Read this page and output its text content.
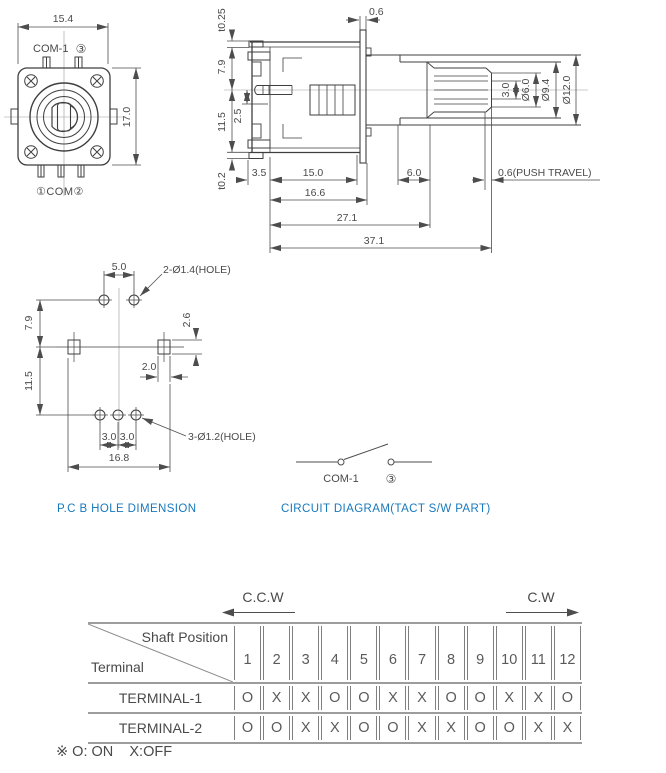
15.4
17.0
COM-1 ③
①COM②
t0.25	0.6
7.9
11.5 2.5
t0.2 3.5	15.0	6.0	0.6(PUSH TRAVEL)
16.6
27.1
37.1
3.0 Ø6.0 Ø9.4 Ø12.0
5.0	2-Ø1.4(HOLE)
7.9	2.6
11.5
2.0
3.0 3.0	3-Ø1.2(HOLE)
16.8
P.C B HOLE DIMENSION
COM-1 ③
CIRCUIT DIAGRAM(TACT S/W PART)
C.C.W	C.W
Shaft Position
Terminal	1	2	3	4	5	6	7	8	9	10 11 12
TERMINAL-1	O	X	X	O	O	X	X	O	O	X	X	O
TERMINAL-2	O	O	X	X	O	O	X	X	O	O	X	X
※ O: ON    X:OFF
